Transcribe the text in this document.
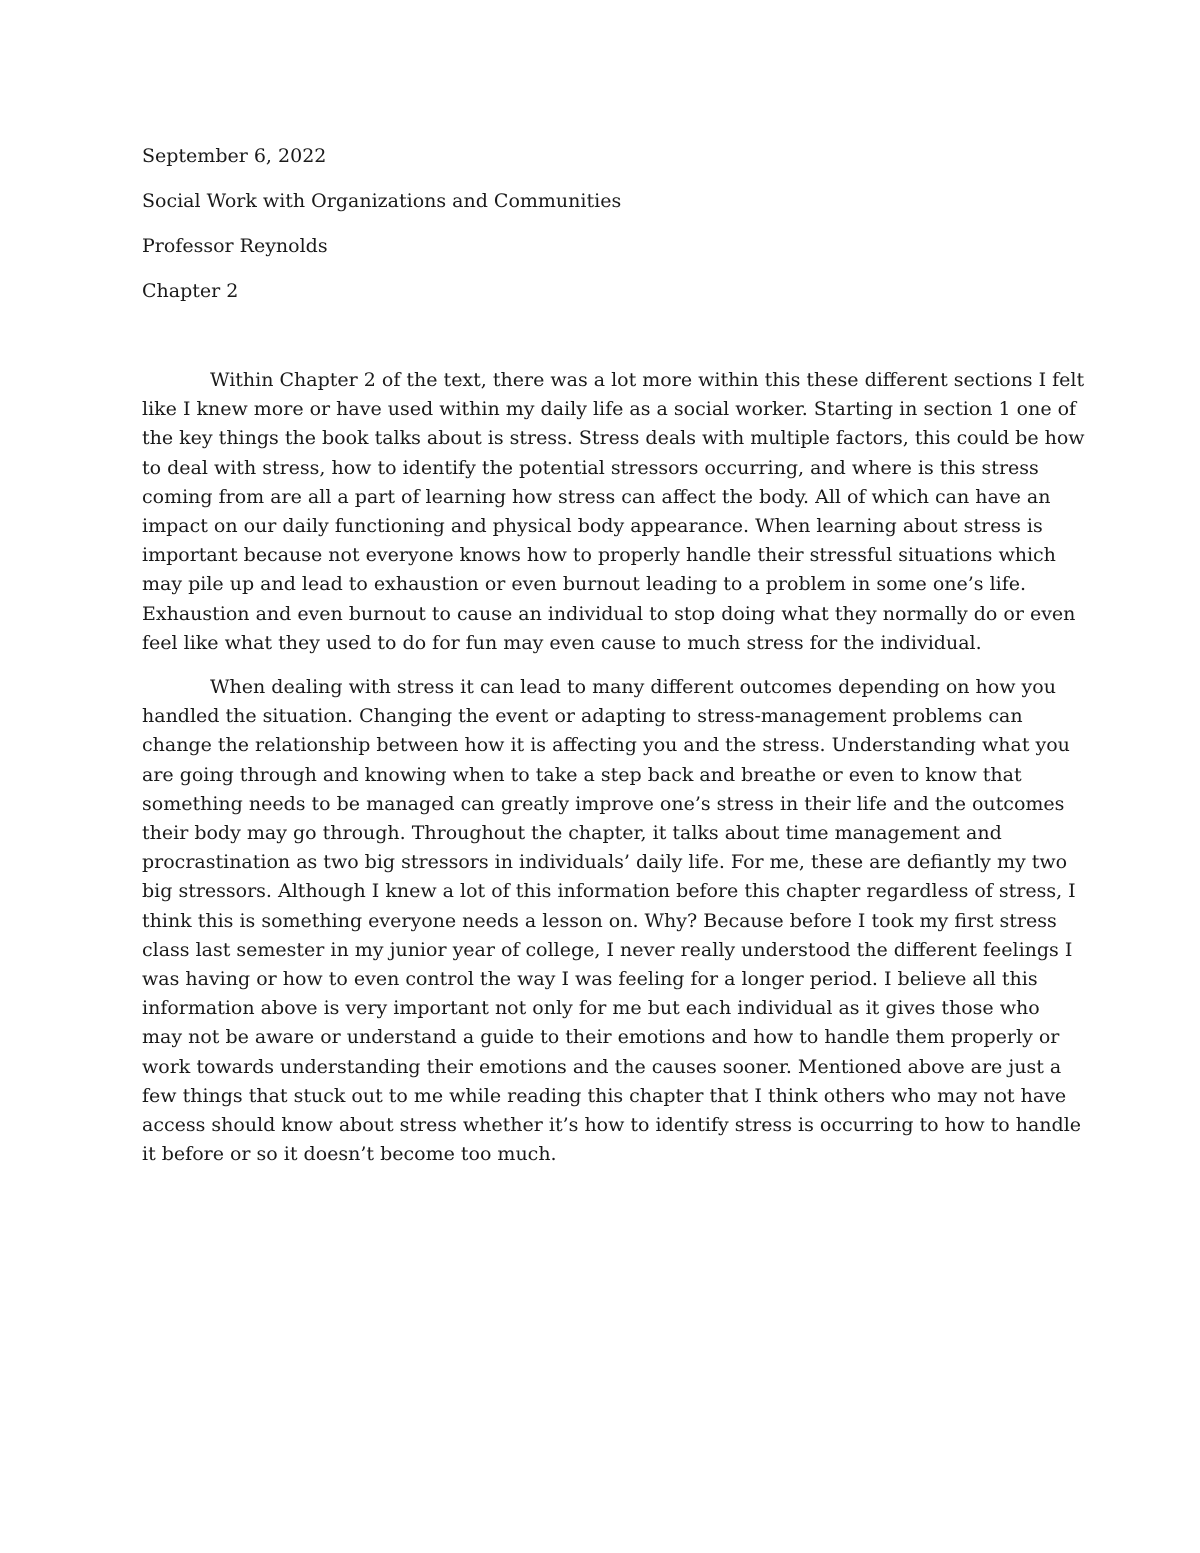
September 6, 2022
Social Work with Organizations and Communities
Professor Reynolds
Chapter 2

Within Chapter 2 of the text, there was a lot more within this these different sections I felt
like I knew more or have used within my daily life as a social worker. Starting in section 1 one of
the key things the book talks about is stress. Stress deals with multiple factors, this could be how
to deal with stress, how to identify the potential stressors occurring, and where is this stress
coming from are all a part of learning how stress can affect the body. All of which can have an
impact on our daily functioning and physical body appearance. When learning about stress is
important because not everyone knows how to properly handle their stressful situations which
may pile up and lead to exhaustion or even burnout leading to a problem in some one’s life.
Exhaustion and even burnout to cause an individual to stop doing what they normally do or even
feel like what they used to do for fun may even cause to much stress for the individual.

When dealing with stress it can lead to many different outcomes depending on how you
handled the situation. Changing the event or adapting to stress-management problems can
change the relationship between how it is affecting you and the stress. Understanding what you
are going through and knowing when to take a step back and breathe or even to know that
something needs to be managed can greatly improve one’s stress in their life and the outcomes
their body may go through. Throughout the chapter, it talks about time management and
procrastination as two big stressors in individuals’ daily life. For me, these are defiantly my two
big stressors. Although I knew a lot of this information before this chapter regardless of stress, I
think this is something everyone needs a lesson on. Why? Because before I took my first stress
class last semester in my junior year of college, I never really understood the different feelings I
was having or how to even control the way I was feeling for a longer period. I believe all this
information above is very important not only for me but each individual as it gives those who
may not be aware or understand a guide to their emotions and how to handle them properly or
work towards understanding their emotions and the causes sooner. Mentioned above are just a
few things that stuck out to me while reading this chapter that I think others who may not have
access should know about stress whether it’s how to identify stress is occurring to how to handle
it before or so it doesn’t become too much.
